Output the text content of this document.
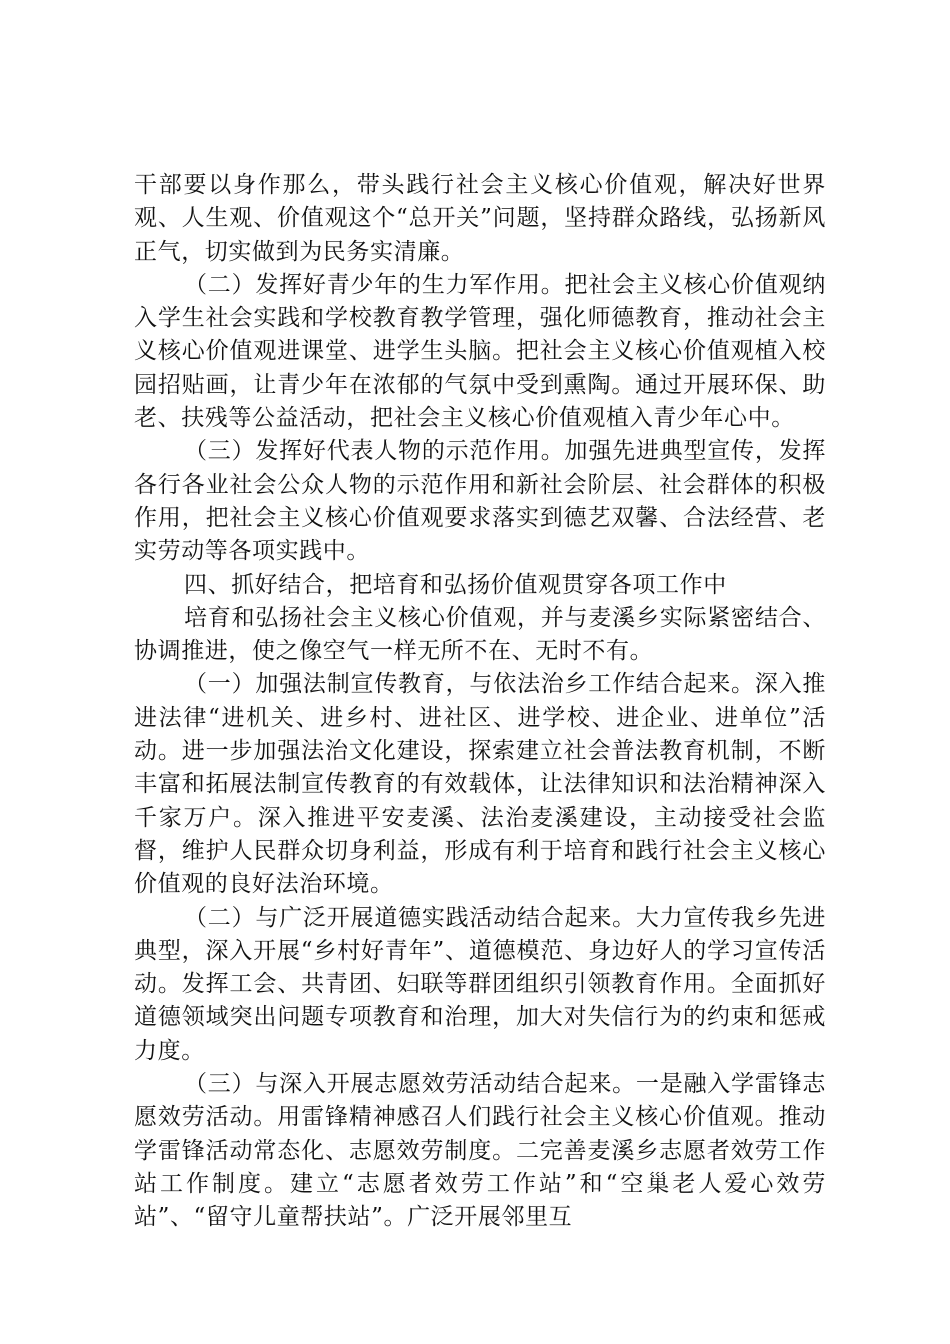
干部要以身作那么，带头践行社会主义核心价值观，解决好世界观、人生观、价值观这个“总开关”问题，坚持群众路线，弘扬新风正气，切实做到为民务实清廉。

（二）发挥好青少年的生力军作用。把社会主义核心价值观纳入学生社会实践和学校教育教学管理，强化师德教育，推动社会主义核心价值观进课堂、进学生头脑。把社会主义核心价值观植入校园招贴画，让青少年在浓郁的气氛中受到熏陶。通过开展环保、助老、扶残等公益活动，把社会主义核心价值观植入青少年心中。

（三）发挥好代表人物的示范作用。加强先进典型宣传，发挥各行各业社会公众人物的示范作用和新社会阶层、社会群体的积极作用，把社会主义核心价值观要求落实到德艺双馨、合法经营、老实劳动等各项实践中。

四、抓好结合，把培育和弘扬价值观贯穿各项工作中

培育和弘扬社会主义核心价值观，并与麦溪乡实际紧密结合、协调推进，使之像空气一样无所不在、无时不有。

（一）加强法制宣传教育，与依法治乡工作结合起来。深入推进法律“进机关、进乡村、进社区、进学校、进企业、进单位”活动。进一步加强法治文化建设，探索建立社会普法教育机制，不断丰富和拓展法制宣传教育的有效载体，让法律知识和法治精神深入千家万户。深入推进平安麦溪、法治麦溪建设，主动接受社会监督，维护人民群众切身利益，形成有利于培育和践行社会主义核心价值观的良好法治环境。

（二）与广泛开展道德实践活动结合起来。大力宣传我乡先进典型，深入开展“乡村好青年”、道德模范、身边好人的学习宣传活动。发挥工会、共青团、妇联等群团组织引领教育作用。全面抓好道德领域突出问题专项教育和治理，加大对失信行为的约束和惩戒力度。

（三）与深入开展志愿效劳活动结合起来。一是融入学雷锋志愿效劳活动。用雷锋精神感召人们践行社会主义核心价值观。推动学雷锋活动常态化、志愿效劳制度。二完善麦溪乡志愿者效劳工作站工作制度。建立“志愿者效劳工作站”和“空巢老人爱心效劳站”、“留守儿童帮扶站”。广泛开展邻里互
